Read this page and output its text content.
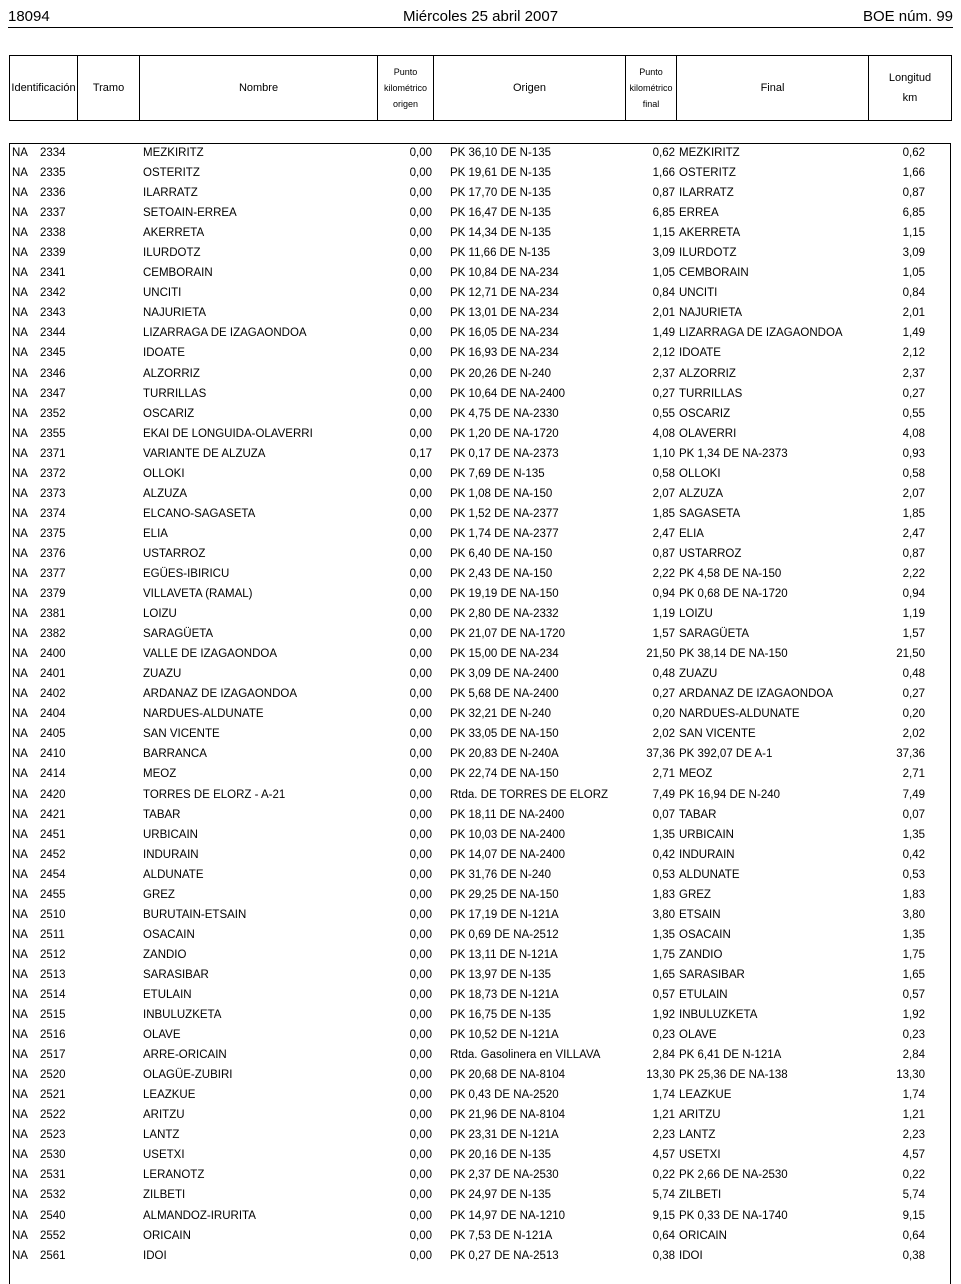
Miércoles 25 abril 2007
18094	BOE núm. 99
Identificación	Tramo	Nombre	
Punto
kilométrico
origen
	Origen	
Punto
kilométrico
final
	Final	
Longitud
km
NA 2334	MEZKIRITZ	0,00	PK 36,10 DE N-135	0,62	MEZKIRITZ	0,62
NA 2335	OSTERITZ	0,00	PK 19,61 DE N-135	1,66	OSTERITZ	1,66
NA 2336	ILARRATZ	0,00	PK 17,70 DE N-135	0,87	ILARRATZ	0,87
NA 2337	SETOAIN-ERREA	0,00	PK 16,47 DE N-135	6,85	ERREA	6,85
NA 2338	AKERRETA	0,00	PK 14,34 DE N-135	1,15	AKERRETA	1,15
NA 2339	ILURDOTZ	0,00	PK 11,66 DE N-135	3,09	ILURDOTZ	3,09
NA 2341	CEMBORAIN	0,00	PK 10,84 DE NA-234	1,05	CEMBORAIN	1,05
NA 2342	UNCITI	0,00	PK 12,71 DE NA-234	0,84	UNCITI	0,84
NA 2343	NAJURIETA	0,00	PK 13,01 DE NA-234	2,01	NAJURIETA	2,01
NA 2344	LIZARRAGA DE IZAGAONDOA	0,00	PK 16,05 DE NA-234	1,49	LIZARRAGA DE IZAGAONDOA	1,49
NA 2345	IDOATE	0,00	PK 16,93 DE NA-234	2,12	IDOATE	2,12
NA 2346	ALZORRIZ	0,00	PK 20,26 DE N-240	2,37	ALZORRIZ	2,37
NA 2347	TURRILLAS	0,00	PK 10,64 DE NA-2400	0,27	TURRILLAS	0,27
NA 2352	OSCARIZ	0,00	PK 4,75 DE NA-2330	0,55	OSCARIZ	0,55
NA 2355	EKAI DE LONGUIDA-OLAVERRI	0,00	PK 1,20 DE NA-1720	4,08	OLAVERRI	4,08
NA 2371	VARIANTE DE ALZUZA	0,17	PK 0,17 DE NA-2373	1,10	PK 1,34 DE NA-2373	0,93
NA 2372	OLLOKI	0,00	PK 7,69 DE N-135	0,58	OLLOKI	0,58
NA 2373	ALZUZA	0,00	PK 1,08 DE NA-150	2,07	ALZUZA	2,07
NA 2374	ELCANO-SAGASETA	0,00	PK 1,52 DE NA-2377	1,85	SAGASETA	1,85
NA 2375	ELIA	0,00	PK 1,74 DE NA-2377	2,47	ELIA	2,47
NA 2376	USTARROZ	0,00	PK 6,40 DE NA-150	0,87	USTARROZ	0,87
NA 2377	EGÜES-IBIRICU	0,00	PK 2,43 DE NA-150	2,22	PK 4,58 DE NA-150	2,22
NA 2379	VILLAVETA (RAMAL)	0,00	PK 19,19 DE NA-150	0,94	PK 0,68 DE NA-1720	0,94
NA 2381	LOIZU	0,00	PK 2,80 DE NA-2332	1,19	LOIZU	1,19
NA 2382	SARAGÜETA	0,00	PK 21,07 DE NA-1720	1,57	SARAGÜETA	1,57
NA 2400	VALLE DE IZAGAONDOA	0,00	PK 15,00 DE NA-234	21,50	PK 38,14 DE NA-150	21,50
NA 2401	ZUAZU	0,00	PK 3,09 DE NA-2400	0,48	ZUAZU	0,48
NA 2402	ARDANAZ DE IZAGAONDOA	0,00	PK 5,68 DE NA-2400	0,27	ARDANAZ DE IZAGAONDOA	0,27
NA 2404	NARDUES-ALDUNATE	0,00	PK 32,21 DE N-240	0,20	NARDUES-ALDUNATE	0,20
NA 2405	SAN VICENTE	0,00	PK 33,05 DE NA-150	2,02	SAN VICENTE	2,02
NA 2410	BARRANCA	0,00	PK 20,83 DE N-240A	37,36	PK 392,07 DE A-1	37,36
NA 2414	MEOZ	0,00	PK 22,74 DE NA-150	2,71	MEOZ	2,71
NA 2420	TORRES DE ELORZ - A-21	0,00	Rtda. DE TORRES DE ELORZ	7,49	PK 16,94 DE N-240	7,49
NA 2421	TABAR	0,00	PK 18,11 DE NA-2400	0,07	TABAR	0,07
NA 2451	URBICAIN	0,00	PK 10,03 DE NA-2400	1,35	URBICAIN	1,35
NA 2452	INDURAIN	0,00	PK 14,07 DE NA-2400	0,42	INDURAIN	0,42
NA 2454	ALDUNATE	0,00	PK 31,76 DE N-240	0,53	ALDUNATE	0,53
NA 2455	GREZ	0,00	PK 29,25 DE NA-150	1,83	GREZ	1,83
NA 2510	BURUTAIN-ETSAIN	0,00	PK 17,19 DE N-121A	3,80	ETSAIN	3,80
NA 2511	OSACAIN	0,00	PK 0,69 DE NA-2512	1,35	OSACAIN	1,35
NA 2512	ZANDIO	0,00	PK 13,11 DE N-121A	1,75	ZANDIO	1,75
NA 2513	SARASIBAR	0,00	PK 13,97 DE N-135	1,65	SARASIBAR	1,65
NA 2514	ETULAIN	0,00	PK 18,73 DE N-121A	0,57	ETULAIN	0,57
NA 2515	INBULUZKETA	0,00	PK 16,75 DE N-135	1,92	INBULUZKETA	1,92
NA 2516	OLAVE	0,00	PK 10,52 DE N-121A	0,23	OLAVE	0,23
NA 2517	ARRE-ORICAIN	0,00	Rtda. Gasolinera en VILLAVA	2,84	PK 6,41 DE N-121A	2,84
NA 2520	OLAGÜE-ZUBIRI	0,00	PK 20,68 DE NA-8104	13,30	PK 25,36 DE NA-138	13,30
NA 2521	LEAZKUE	0,00	PK 0,43 DE NA-2520	1,74	LEAZKUE	1,74
NA 2522	ARITZU	0,00	PK 21,96 DE NA-8104	1,21	ARITZU	1,21
NA 2523	LANTZ	0,00	PK 23,31 DE N-121A	2,23	LANTZ	2,23
NA 2530	USETXI	0,00	PK 20,16 DE N-135	4,57	USETXI	4,57
NA 2531	LERANOTZ	0,00	PK 2,37 DE NA-2530	0,22	PK 2,66 DE NA-2530	0,22
NA 2532	ZILBETI	0,00	PK 24,97 DE N-135	5,74	ZILBETI	5,74
NA 2540	ALMANDOZ-IRURITA	0,00	PK 14,97 DE NA-1210	9,15	PK 0,33 DE NA-1740	9,15
NA 2552	ORICAIN	0,00	PK 7,53 DE N-121A	0,64	ORICAIN	0,64
NA 2561	IDOI	0,00	PK 0,27 DE NA-2513	0,38	IDOI	0,38
